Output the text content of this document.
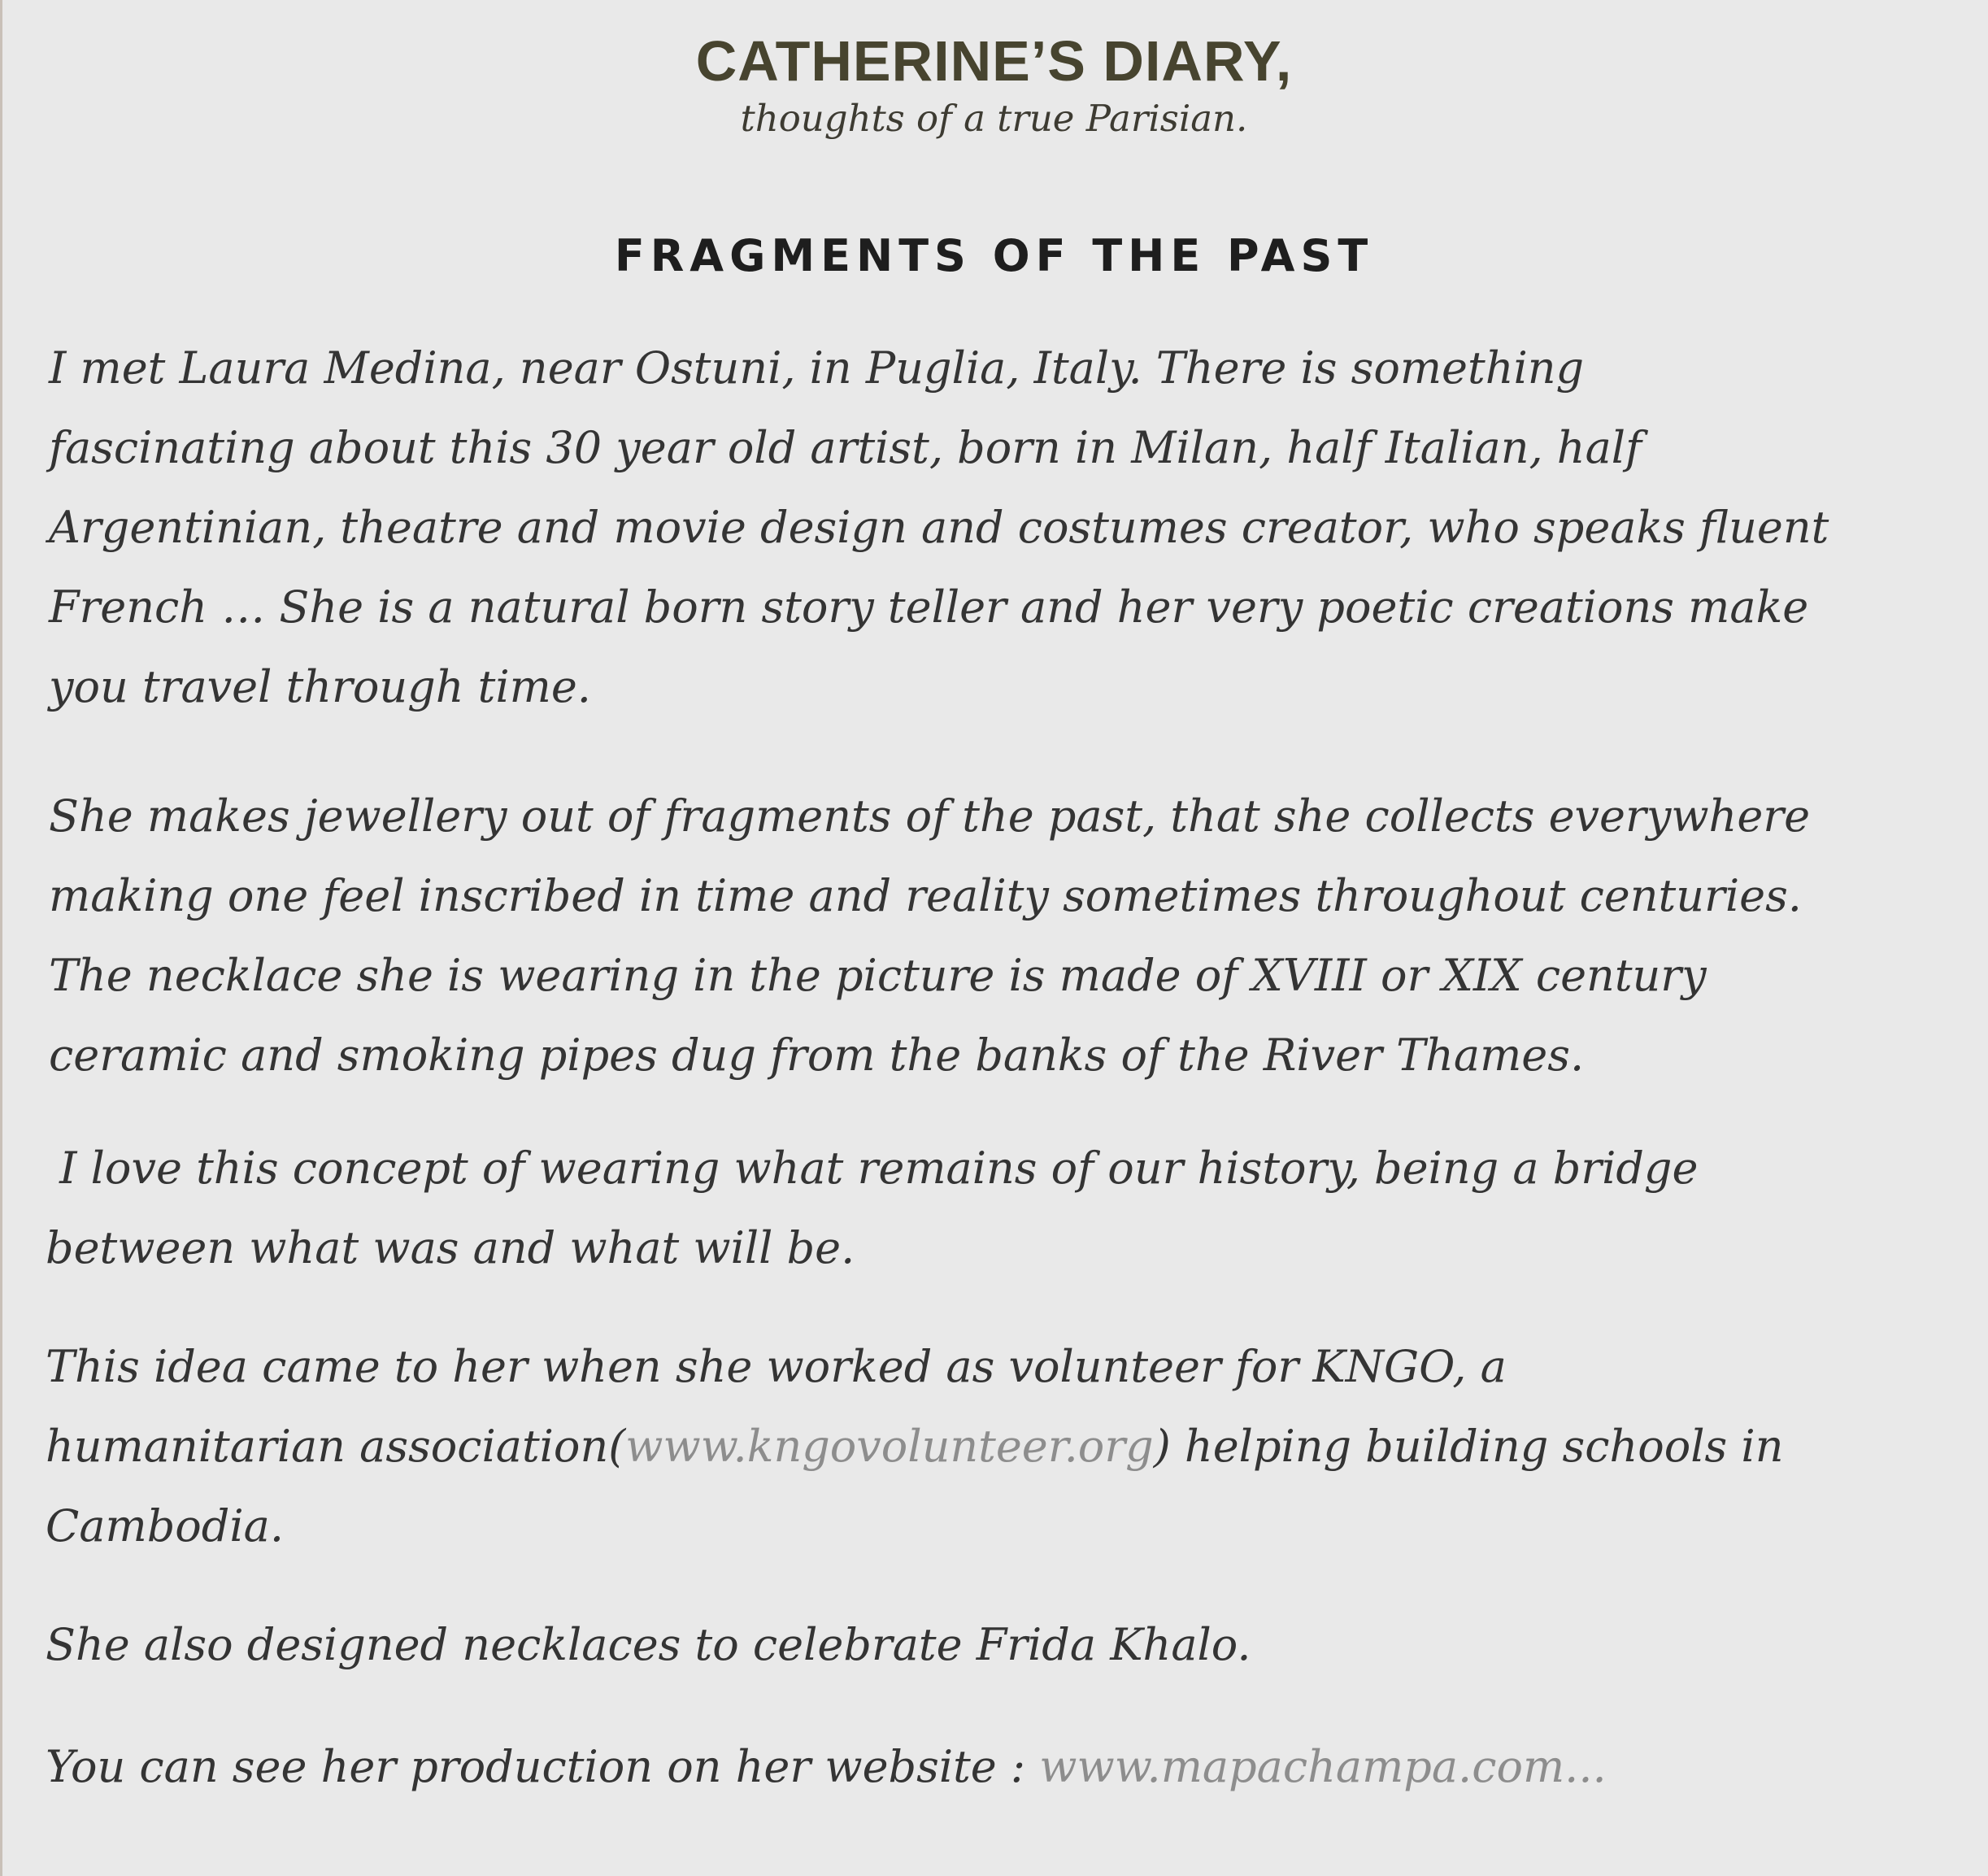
CATHERINE’S DIARY,
thoughts of a true Parisian.
FRAGMENTS OF THE PAST

I met Laura Medina, near Ostuni, in Puglia, Italy. There is something
fascinating about this 30 year old artist, born in Milan, half Italian, half
Argentinian, theatre and movie design and costumes creator, who speaks fluent
French … She is a natural born story teller and her very poetic creations make
you travel through time.

She makes jewellery out of fragments of the past, that she collects everywhere
making one feel inscribed in time and reality sometimes throughout centuries.
The necklace she is wearing in the picture is made of XVIII or XIX century
ceramic and smoking pipes dug from the banks of the River Thames.

I love this concept of wearing what remains of our history, being a bridge
between what was and what will be.

This idea came to her when she worked as volunteer for KNGO, a
humanitarian association(www.kngovolunteer.org) helping building schools in
Cambodia.

She also designed necklaces to celebrate Frida Khalo.

You can see her production on her website : www.mapachampa.com...
